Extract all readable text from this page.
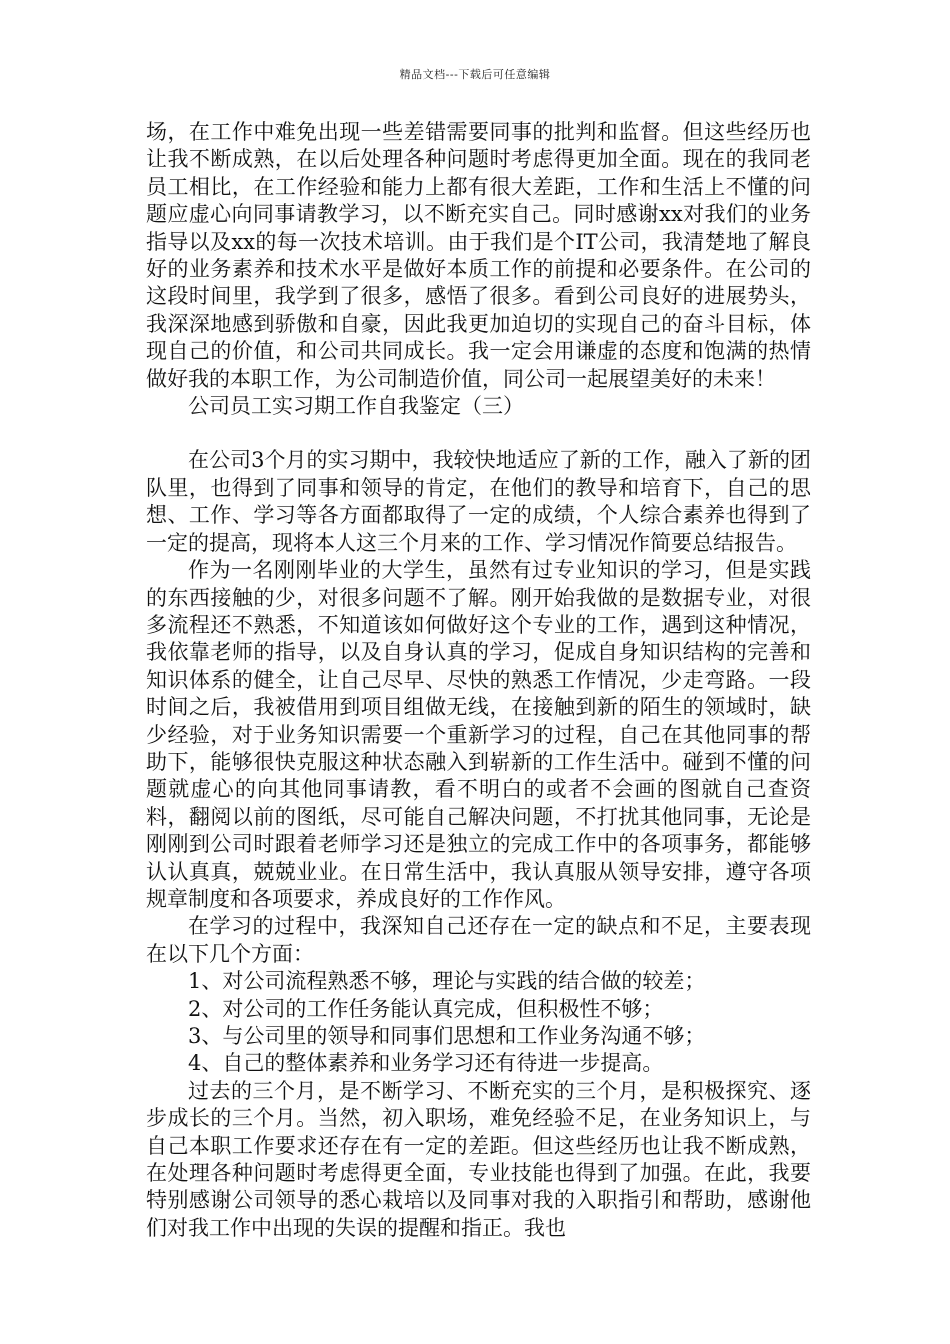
精品文档---下载后可任意编辑

场，在工作中难免出现一些差错需要同事的批判和监督。但这些经历也让我不断成熟，在以后处理各种问题时考虑得更加全面。现在的我同老员工相比，在工作经验和能力上都有很大差距，工作和生活上不懂的问题应虚心向同事请教学习，以不断充实自己。同时感谢xx对我们的业务指导以及xx的每一次技术培训。由于我们是个IT公司，我清楚地了解良好的业务素养和技术水平是做好本质工作的前提和必要条件。在公司的这段时间里，我学到了很多，感悟了很多。看到公司良好的进展势头，我深深地感到骄傲和自豪，因此我更加迫切的实现自己的奋斗目标，体现自己的价值，和公司共同成长。我一定会用谦虚的态度和饱满的热情做好我的本职工作，为公司制造价值，同公司一起展望美好的未来！

公司员工实习期工作自我鉴定（三）

在公司3个月的实习期中，我较快地适应了新的工作，融入了新的团队里，也得到了同事和领导的肯定，在他们的教导和培育下，自己的思想、工作、学习等各方面都取得了一定的成绩，个人综合素养也得到了一定的提高，现将本人这三个月来的工作、学习情况作简要总结报告。

作为一名刚刚毕业的大学生，虽然有过专业知识的学习，但是实践的东西接触的少，对很多问题不了解。刚开始我做的是数据专业，对很多流程还不熟悉，不知道该如何做好这个专业的工作，遇到这种情况，我依靠老师的指导，以及自身认真的学习，促成自身知识结构的完善和知识体系的健全，让自己尽早、尽快的熟悉工作情况，少走弯路。一段时间之后，我被借用到项目组做无线，在接触到新的陌生的领域时，缺少经验，对于业务知识需要一个重新学习的过程，自己在其他同事的帮助下，能够很快克服这种状态融入到崭新的工作生活中。碰到不懂的问题就虚心的向其他同事请教，看不明白的或者不会画的图就自己查资料，翻阅以前的图纸，尽可能自己解决问题，不打扰其他同事，无论是刚刚到公司时跟着老师学习还是独立的完成工作中的各项事务，都能够认认真真，兢兢业业。在日常生活中，我认真服从领导安排，遵守各项规章制度和各项要求，养成良好的工作作风。

在学习的过程中，我深知自己还存在一定的缺点和不足，主要表现在以下几个方面：

1、对公司流程熟悉不够，理论与实践的结合做的较差；

2、对公司的工作任务能认真完成，但积极性不够；

3、与公司里的领导和同事们思想和工作业务沟通不够；

4、自己的整体素养和业务学习还有待进一步提高。

过去的三个月，是不断学习、不断充实的三个月，是积极探究、逐步成长的三个月。当然，初入职场，难免经验不足，在业务知识上，与自己本职工作要求还存在有一定的差距。但这些经历也让我不断成熟，在处理各种问题时考虑得更全面，专业技能也得到了加强。在此，我要特别感谢公司领导的悉心栽培以及同事对我的入职指引和帮助，感谢他们对我工作中出现的失误的提醒和指正。我也
